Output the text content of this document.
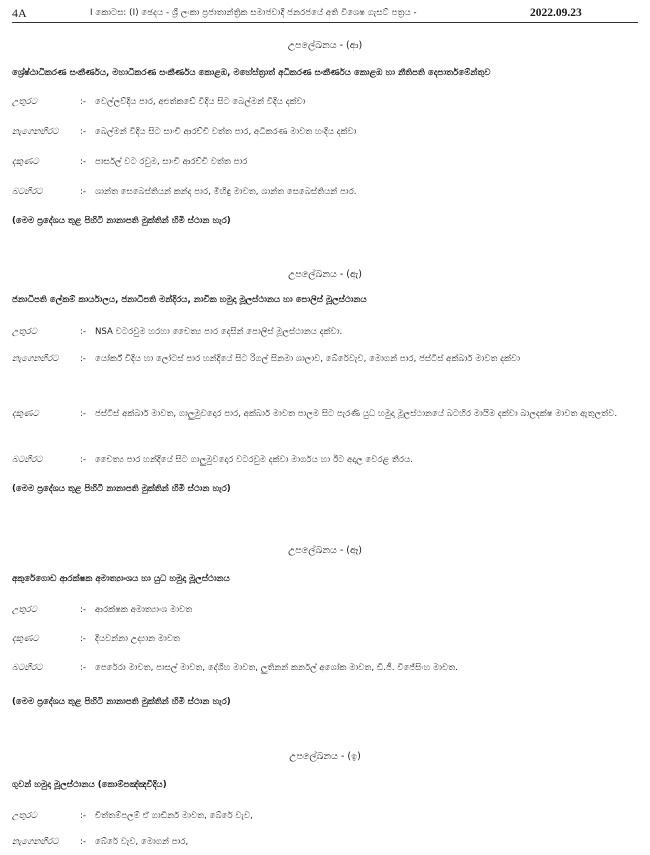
4A	I කොටස: (I) ඡෙදය - ශ්‍රී ලංකා ප්‍රජාතාන්ත්‍රික සමාජවාදී ජනරජයේ අති විශෙෂ ගැසට් පත්‍රය -	2022.09.23
උපලේඛනය - (ආ)
ශ්‍රේෂ්ඨාධිකරණ සංකීර්ණය, මහාධිකරණ සංකීර්ණය කොළඹ, මහේස්ත්‍රාත් අධිකරණ සංකීර්ණය කොළඹ හා නීතිපති දෙපාර්තමේන්තුව
උතුරට	:-	වෙල්ලව්දිය පාර, අළුත්කඩේ විදිය සිට බෙල්මන් විදිය දක්වා
නැගෙනහිරට	:-	බෙල්මන් විදිය සිට සාංචි ආරච්චි වත්ත පාර, අධිකරණ මාවත හංදිය දක්වා
දකුණට	:-	පාර්සල් වට රවුම, සාංචි ආරච්චි වත්ත පාර
බටහිරට	:-	ශාන්ත සෙබෙස්තියන් කන්ද පාර, මිහිඳු මාවත, ශාන්ත සෙබෙස්තියන් පාර.
(මෙම ප්‍රදේශය තුළ පිහිටි නානාපති මුක්තින් හිමි ස්ථාන හැර)
උපලේඛනය - (ඇ)
ජනාධිපති ලේකම් කාර්යාලය, ජනාධිපති මන්දිරය, නාවික හමුදා මූලස්ථානය හා පොලිස් මූලස්ථානය
උතුරට	:-	NSA වටරවුම හරහා චෛත්‍ය පාර දෙසින් පොලිස් මූලස්ථානය දක්වා.
නැගෙනහිරට	:-	යෝර්ක් විදිය හා ලෝටස් පාර හන්දියේ සිට රිගල් සිනමා ශාලාව, බේරේවැව, මොගන් පාර, ජස්ටිස් අක්බාර් මාවත දක්වා
දකුණට	:-	ජස්ටිස් අක්බාර් මාවත, ගාලුමුවදොර පාර, අක්බාර් මාවත පාලම සිට පැරණි යුධ හමුදා මූලස්ථානයේ බටහිර මායිම දක්වා බාලදක්ෂ මාවත ඇතුලත්ව.
බටහිරට	:-	චෛත්‍ය පාර හන්දියේ සිට ගාලුමුවදොර වටරවුම දක්වා මාර්ගය හා ඊට අදාල වෙරළ තීරය.
(මෙම ප්‍රදේශය තුළ පිහිටි නානාපති මුක්තින් හිමි ස්ථාන හැර)
උපලේඛනය - (ඈ)
අකුරේගොඩ ආරක්ෂක අමාත්‍යාංශය හා යුධ හමුදා මූලස්ථානය
උතුරට	:-	ආරක්ෂක අමාත්‍යාංශ මාවත
දකුණට	:-	දියවන්නා උද්‍යාන මාවත
බටහිරට	:-	පෙරේරා මාවත, පාසල් මාවත, දේශිහ මාවත, ලුතිනන් කර්නල් අශෝක මාවත, ඩී.ජී. විජේසිංහ මාවත.
(මෙම ප්‍රදේශය තුළ පිහිටි නානාපති මුක්තින් හිමි ස්ථාන හැර)
උපලේඛනය - (ඉ)
ගුවන් හමුදා මූලස්ථානය (කොම්පඤ්ඤවීදිය)
උතුරට	:-	චිත්තම්පලම් ඒ ගාඩිනර් මාවත, බේරේ වැව,
නැගෙනහිරට	:-	බේරේ වැව, මොගන් පාර,
